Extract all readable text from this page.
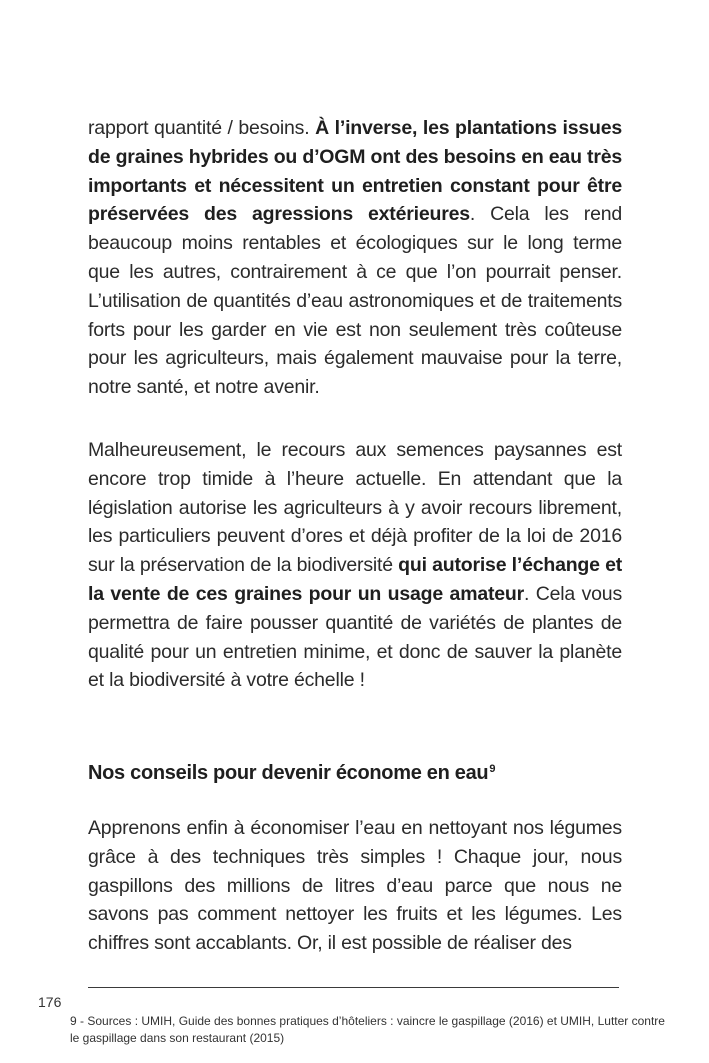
rapport quantité / besoins. À l’inverse, les plantations issues de graines hybrides ou d’OGM ont des besoins en eau très importants et nécessitent un entretien constant pour être préservées des agressions extérieures. Cela les rend beaucoup moins rentables et écologiques sur le long terme que les autres, contrairement à ce que l’on pourrait penser. L’utilisation de quantités d’eau astronomiques et de traitements forts pour les garder en vie est non seulement très coûteuse pour les agriculteurs, mais également mauvaise pour la terre, notre santé, et notre avenir.

Malheureusement, le recours aux semences paysannes est encore trop timide à l’heure actuelle. En attendant que la législation autorise les agriculteurs à y avoir recours librement, les particuliers peuvent d’ores et déjà profiter de la loi de 2016 sur la préservation de la biodiversité qui autorise l’échange et la vente de ces graines pour un usage amateur. Cela vous permettra de faire pousser quantité de variétés de plantes de qualité pour un entretien minime, et donc de sauver la planète et la biodiversité à votre échelle !

Nos conseils pour devenir économe en eau$^9$

Apprenons enfin à économiser l’eau en nettoyant nos légumes grâce à des techniques très simples ! Chaque jour, nous gaspillons des millions de litres d’eau parce que nous ne savons pas comment nettoyer les fruits et les légumes. Les chiffres sont accablants. Or, il est possible de réaliser des

176
9 - Sources : UMIH, Guide des bonnes pratiques d’hôteliers : vaincre le gaspillage (2016) et UMIH, Lutter contre le gaspillage dans son restaurant (2015)
